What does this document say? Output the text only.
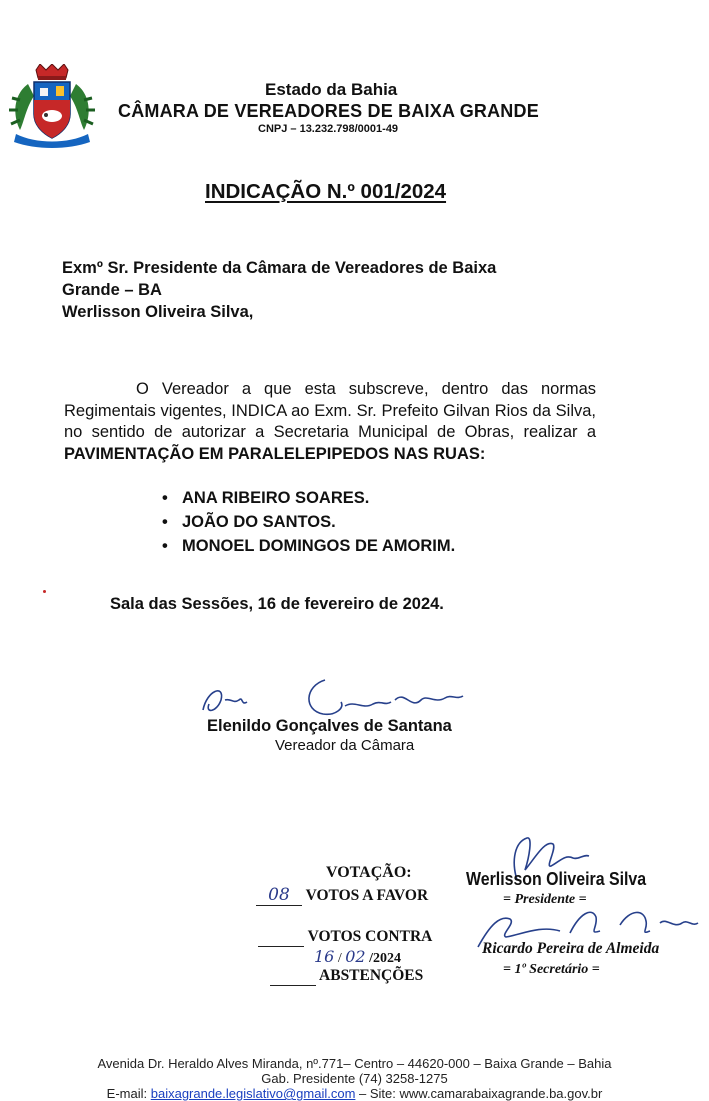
Estado da Bahia
CÂMARA DE VEREADORES DE BAIXA GRANDE
CNPJ – 13.232.798/0001-49
INDICAÇÃO N.º 001/2024
Exmº Sr. Presidente da Câmara de Vereadores de Baixa
Grande – BA
Werlisson Oliveira Silva,
O Vereador a que esta subscreve, dentro das normas Regimentais vigentes, INDICA ao Exm. Sr. Prefeito Gilvan Rios da Silva, no sentido de autorizar a Secretaria Municipal de Obras, realizar a PAVIMENTAÇÃO EM PARALELEPIPEDOS NAS RUAS:
• ANA RIBEIRO SOARES.
• JOÃO DO SANTOS.
• MONOEL DOMINGOS DE AMORIM.
Sala das Sessões, 16 de fevereiro de 2024.
Elenildo Gonçalves de Santana
Vereador da Câmara
VOTAÇÃO:
08 VOTOS A FAVOR
VOTOS CONTRA
16 / 02 /2024
ABSTENÇÕES
Werlisson Oliveira Silva
= Presidente =
Ricardo Pereira de Almeida
= 1º Secretário =
Avenida Dr. Heraldo Alves Miranda, nº.771– Centro – 44620-000 – Baixa Grande – Bahia
Gab. Presidente (74) 3258-1275
E-mail: baixagrande.legislativo@gmail.com – Site: www.camarabaixagrande.ba.gov.br
